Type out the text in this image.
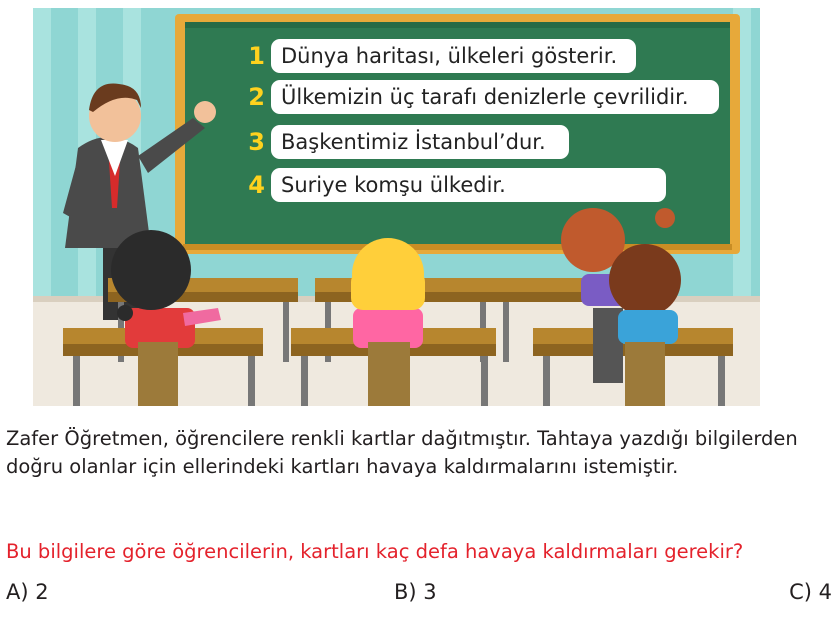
1 Dünya haritası, ülkeleri gösterir.
2 Ülkemizin üç tarafı denizlerle çevrilidir.
3 Başkentimiz İstanbul’dur.
4 Suriye komşu ülkedir.

Zafer Öğretmen, öğrencilere renkli kartlar dağıtmıştır. Tahtaya yazdığı bilgilerden doğru olanlar için ellerindeki kartları havaya kaldırmalarını istemiştir.

Bu bilgilere göre öğrencilerin, kartları kaç defa havaya kaldırmaları gerekir?

A) 2	B) 3	C) 4
